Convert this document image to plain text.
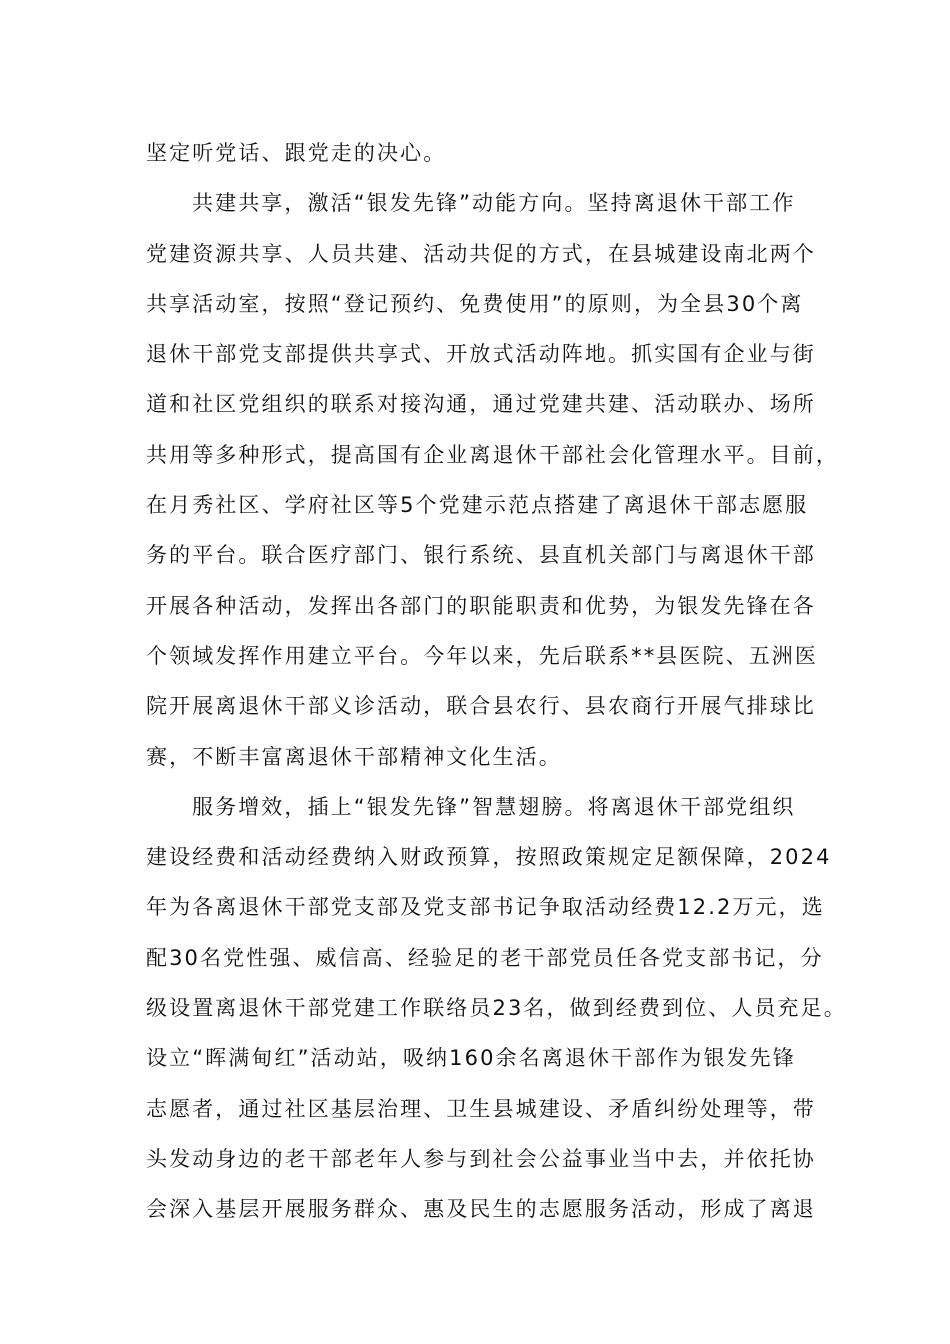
坚定听党话、跟党走的决心。
共建共享，激活“银发先锋”动能方向。坚持离退休干部工作
党建资源共享、人员共建、活动共促的方式，在县城建设南北两个
共享活动室，按照“登记预约、免费使用”的原则，为全县30个离
退休干部党支部提供共享式、开放式活动阵地。抓实国有企业与街
道和社区党组织的联系对接沟通，通过党建共建、活动联办、场所
共用等多种形式，提高国有企业离退休干部社会化管理水平。目前，
在月秀社区、学府社区等5个党建示范点搭建了离退休干部志愿服
务的平台。联合医疗部门、银行系统、县直机关部门与离退休干部
开展各种活动，发挥出各部门的职能职责和优势，为银发先锋在各
个领域发挥作用建立平台。今年以来，先后联系**县医院、五洲医
院开展离退休干部义诊活动，联合县农行、县农商行开展气排球比
赛，不断丰富离退休干部精神文化生活。
服务增效，插上“银发先锋”智慧翅膀。将离退休干部党组织
建设经费和活动经费纳入财政预算，按照政策规定足额保障，2024
年为各离退休干部党支部及党支部书记争取活动经费12.2万元，选
配30名党性强、威信高、经验足的老干部党员任各党支部书记，分
级设置离退休干部党建工作联络员23名，做到经费到位、人员充足。
设立“晖满甸红”活动站，吸纳160余名离退休干部作为银发先锋
志愿者，通过社区基层治理、卫生县城建设、矛盾纠纷处理等，带
头发动身边的老干部老年人参与到社会公益事业当中去，并依托协
会深入基层开展服务群众、惠及民生的志愿服务活动，形成了离退
